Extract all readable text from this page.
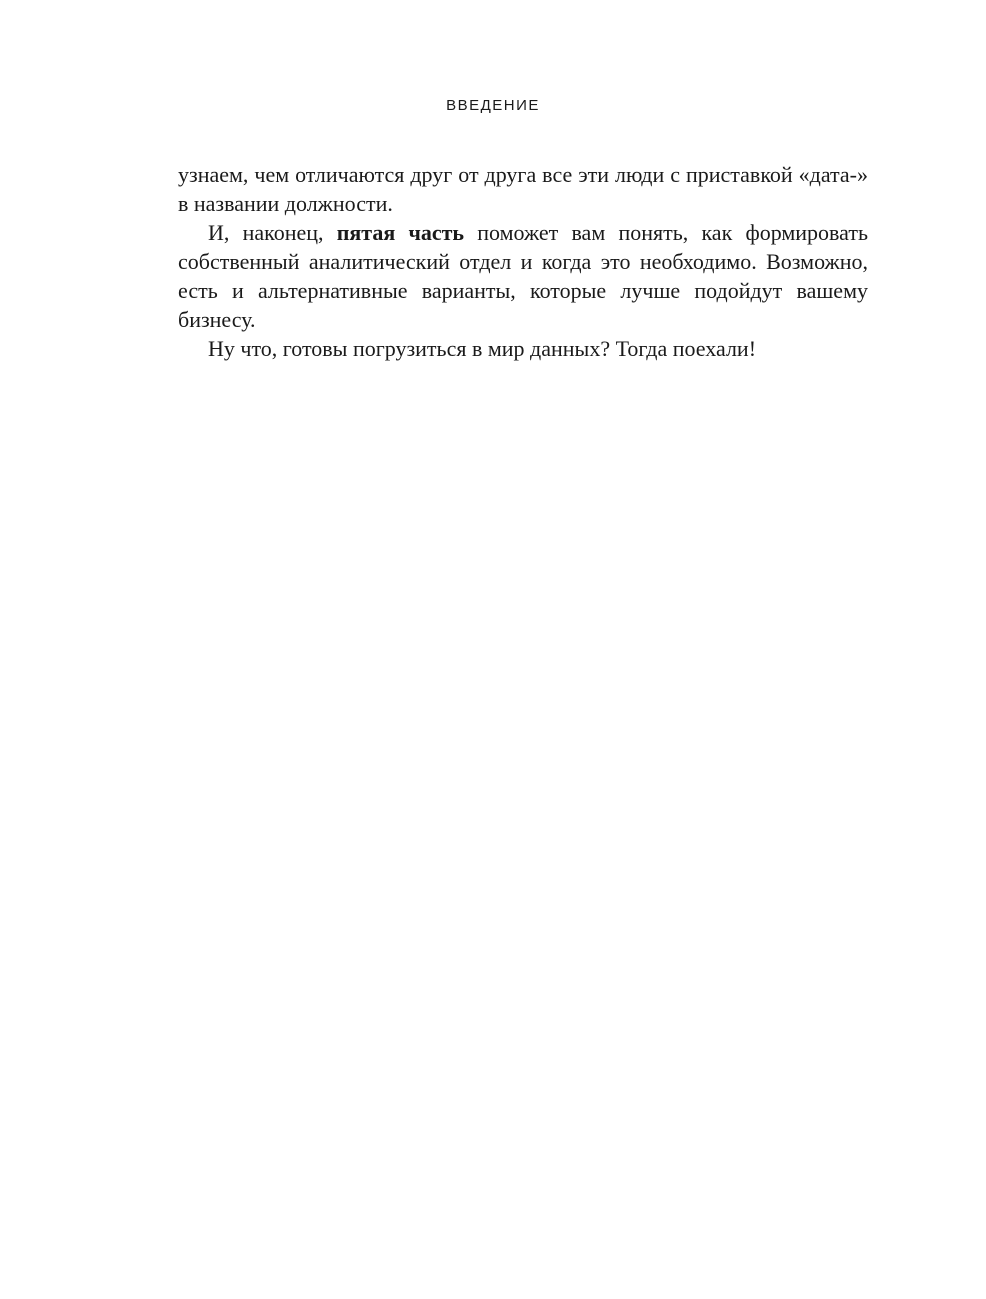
ВВЕДЕНИЕ

узнаем, чем отличаются друг от друга все эти люди с приставкой «дата-» в названии должности.

И, наконец, пятая часть поможет вам понять, как формировать собственный аналитический отдел и когда это необходимо. Возможно, есть и альтернативные варианты, которые лучше подойдут вашему бизнесу.

Ну что, готовы погрузиться в мир данных? Тогда поехали!
